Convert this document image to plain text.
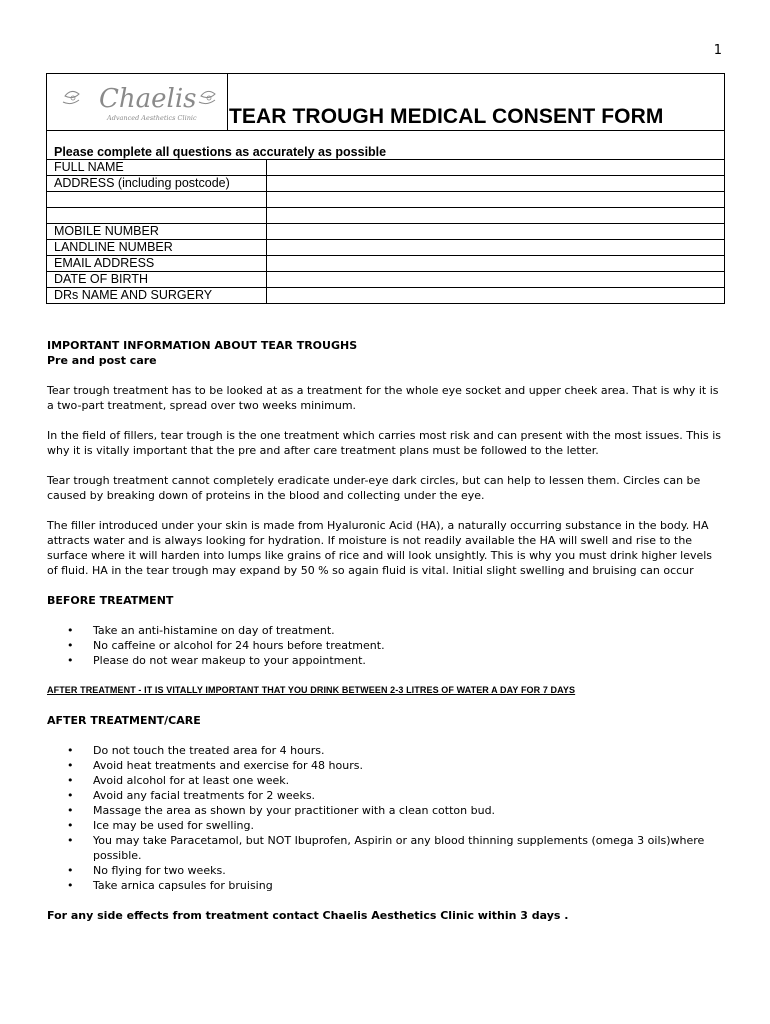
1
Chaelis
Advanced Aesthetics Clinic TEAR TROUGH MEDICAL CONSENT FORM
Please complete all questions as accurately as possible
FULL NAME
ADDRESS (including postcode)
MOBILE NUMBER
LANDLINE NUMBER
EMAIL ADDRESS
DATE OF BIRTH
DRs NAME AND SURGERY

IMPORTANT INFORMATION ABOUT TEAR TROUGHS

Pre and post care

Tear trough treatment has to be looked at as a treatment for the whole eye socket and upper cheek area. That is why it is a two-part treatment, spread over two weeks minimum.

In the field of fillers, tear trough is the one treatment which carries most risk and can present with the most issues. This is why it is vitally important that the pre and after care treatment plans must be followed to the letter.

Tear trough treatment cannot completely eradicate under-eye dark circles, but can help to lessen them. Circles can be caused by breaking down of proteins in the blood and collecting under the eye.

The filler introduced under your skin is made from Hyaluronic Acid (HA), a naturally occurring substance in the body. HA attracts water and is always looking for hydration. If moisture is not readily available the HA will swell and rise to the surface where it will harden into lumps like grains of rice and will look unsightly. This is why you must drink higher levels of fluid. HA in the tear trough may expand by 50 % so again fluid is vital. Initial slight swelling and bruising can occur

BEFORE TREATMENT

• Take an anti-histamine on day of treatment.
• No caffeine or alcohol for 24 hours before treatment.
• Please do not wear makeup to your appointment.

AFTER TREATMENT - IT IS VITALLY IMPORTANT THAT YOU DRINK BETWEEN 2-3 LITRES OF WATER A DAY FOR 7 DAYS

AFTER TREATMENT/CARE

• Do not touch the treated area for 4 hours.
• Avoid heat treatments and exercise for 48 hours.
• Avoid alcohol for at least one week.
• Avoid any facial treatments for 2 weeks.
• Massage the area as shown by your practitioner with a clean cotton bud.
• Ice may be used for swelling.
• You may take Paracetamol, but NOT Ibuprofen, Aspirin or any blood thinning supplements (omega 3 oils)where possible.
• No flying for two weeks.
• Take arnica capsules for bruising

For any side effects from treatment contact Chaelis Aesthetics Clinic within 3 days .
